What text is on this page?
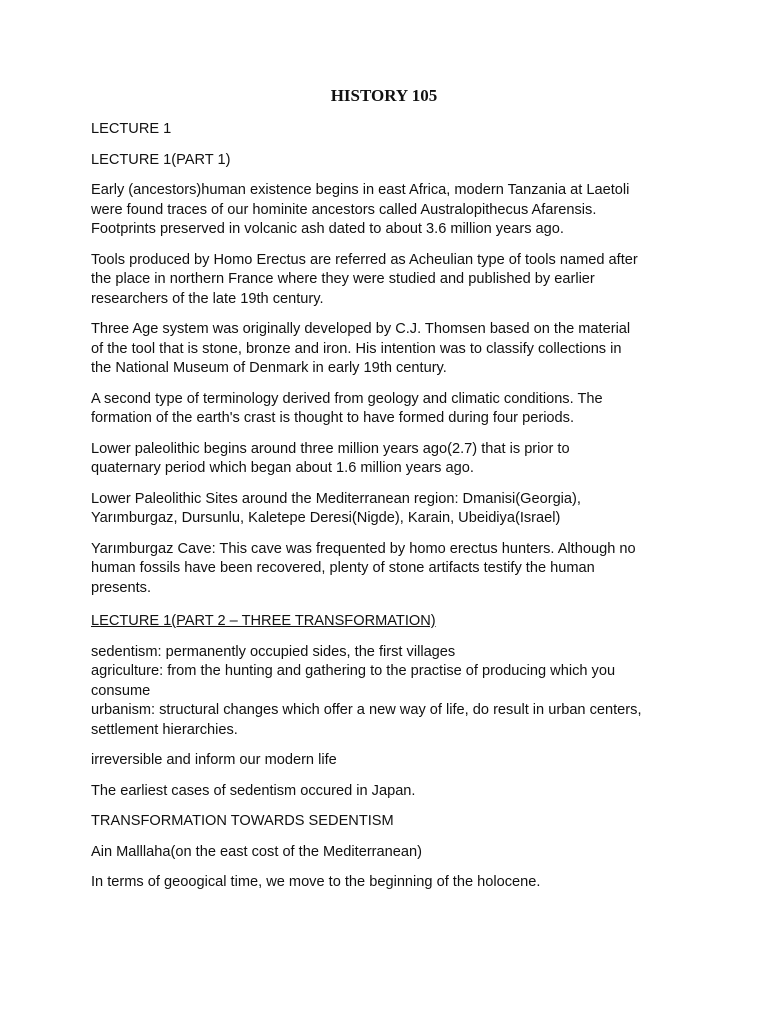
HISTORY 105

LECTURE 1

LECTURE 1(PART 1)

Early (ancestors)human existence begins in east Africa, modern Tanzania at Laetoli
were found traces of our hominite ancestors called Australopithecus Afarensis.
Footprints preserved in volcanic ash dated to about 3.6 million years ago.

Tools produced by Homo Erectus are referred as Acheulian type of tools named after
the place in northern France where they were studied and published by earlier
researchers of the late 19th century.

Three Age system was originally developed by C.J. Thomsen based on the material
of the tool that is stone, bronze and iron. His intention was to classify collections in
the National Museum of Denmark in early 19th century.

A second type of terminology derived from geology and climatic conditions. The
formation of the earth's crast is thought to have formed during four periods.

Lower paleolithic begins around three million years ago(2.7) that is prior to
quaternary period which began about 1.6 million years ago.

Lower Paleolithic Sites around the Mediterranean region: Dmanisi(Georgia),
Yarımburgaz, Dursunlu, Kaletepe Deresi(Nigde), Karain, Ubeidiya(Israel)

Yarımburgaz Cave: This cave was frequented by homo erectus hunters. Although no
human fossils have been recovered, plenty of stone artifacts testify the human
presents.

LECTURE 1(PART 2 – THREE TRANSFORMATION)

sedentism: permanently occupied sides, the first villages
agriculture: from the hunting and gathering to the practise of producing which you
consume
urbanism: structural changes which offer a new way of life, do result in urban centers,
settlement hierarchies.

irreversible and inform our modern life

The earliest cases of sedentism occured in Japan.

TRANSFORMATION TOWARDS SEDENTISM

Ain Malllaha(on the east cost of the Mediterranean)

In terms of geoogical time, we move to the beginning of the holocene.
